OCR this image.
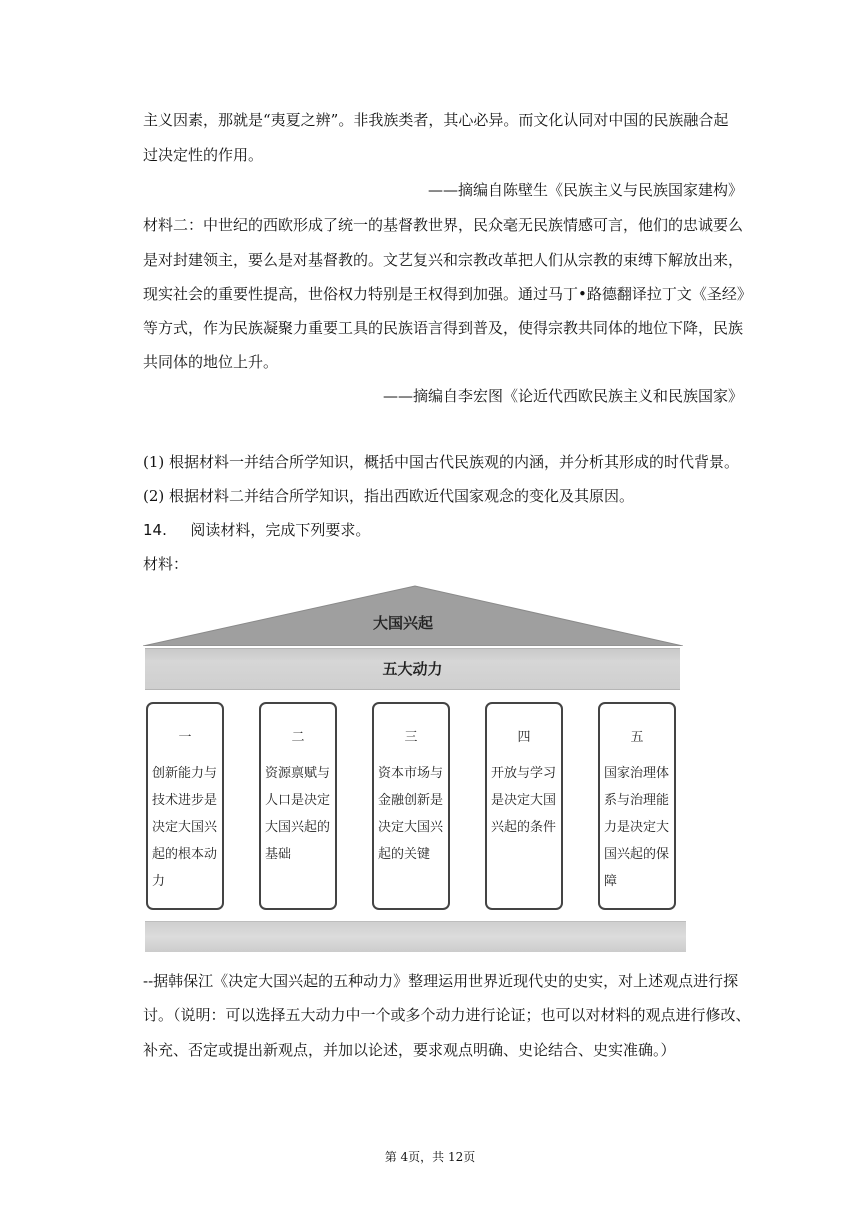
主义因素，那就是“夷夏之辨”。非我族类者，其心必异。而文化认同对中国的民族融合起
过决定性的作用。
——摘编自陈壁生《民族主义与民族国家建构》
材料二：中世纪的西欧形成了统一的基督教世界，民众毫无民族情感可言，他们的忠诚要么
是对封建领主，要么是对基督教的。文艺复兴和宗教改革把人们从宗教的束缚下解放出来，
现实社会的重要性提高，世俗权力特别是王权得到加强。通过马丁•路德翻译拉丁文《圣经》
等方式，作为民族凝聚力重要工具的民族语言得到普及，使得宗教共同体的地位下降，民族
共同体的地位上升。
——摘编自李宏图《论近代西欧民族主义和民族国家》
(1) 根据材料一并结合所学知识，概括中国古代民族观的内涵，并分析其形成的时代背景。
(2) 根据材料二并结合所学知识，指出西欧近代国家观念的变化及其原因。
14. 阅读材料，完成下列要求。
材料：
大国兴起
五大动力
一
创新能力与技术进步是决定大国兴起的根本动力
二
资源禀赋与人口是决定大国兴起的基础
三
资本市场与金融创新是决定大国兴起的关键
四
开放与学习是决定大国兴起的条件
五
国家治理体系与治理能力是决定大国兴起的保障
--据韩保江《决定大国兴起的五种动力》整理运用世界近现代史的史实，对上述观点进行探
讨。（说明：可以选择五大动力中一个或多个动力进行论证；也可以对材料的观点进行修改、
补充、否定或提出新观点，并加以论述，要求观点明确、史论结合、史实准确。）
第 4页，共 12页
